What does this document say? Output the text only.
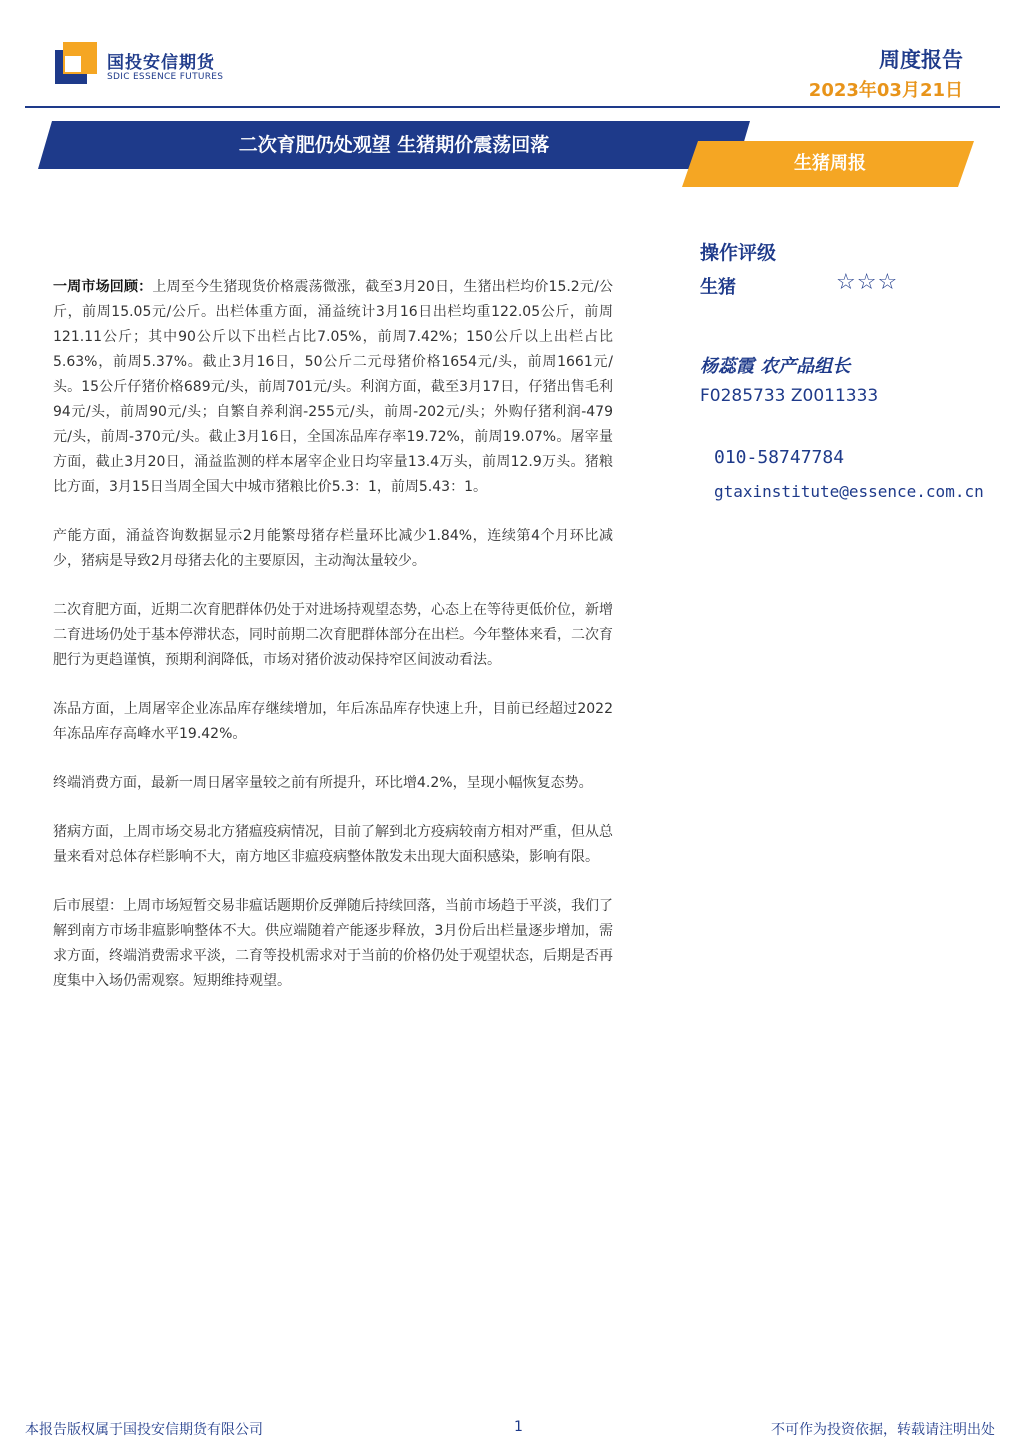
国投安信期货
SDIC ESSENCE FUTURES
周度报告
2023年03月21日
二次育肥仍处观望 生猪期价震荡回落
生猪周报
操作评级
生猪	☆☆☆
杨蕊霞 农产品组长
F0285733 Z0011333
010-58747784
gtaxinstitute@essence.com.cn

一周市场回顾：上周至今生猪现货价格震荡微涨，截至3月20日，生猪出栏均价15.2元/公斤，前周15.05元/公斤。出栏体重方面，涌益统计3月16日出栏均重122.05公斤，前周121.11公斤；其中90公斤以下出栏占比7.05%，前周7.42%；150公斤以上出栏占比5.63%，前周5.37%。截止3月16日，50公斤二元母猪价格1654元/头，前周1661元/头。15公斤仔猪价格689元/头，前周701元/头。利润方面，截至3月17日，仔猪出售毛利94元/头，前周90元/头；自繁自养利润-255元/头，前周-202元/头；外购仔猪利润-479元/头，前周-370元/头。截止3月16日，全国冻品库存率19.72%，前周19.07%。屠宰量方面，截止3月20日，涌益监测的样本屠宰企业日均宰量13.4万头，前周12.9万头。猪粮比方面，3月15日当周全国大中城市猪粮比价5.3：1，前周5.43：1。

产能方面，涌益咨询数据显示2月能繁母猪存栏量环比减少1.84%，连续第4个月环比减少，猪病是导致2月母猪去化的主要原因，主动淘汰量较少。

二次育肥方面，近期二次育肥群体仍处于对进场持观望态势，心态上在等待更低价位，新增二育进场仍处于基本停滞状态，同时前期二次育肥群体部分在出栏。今年整体来看，二次育肥行为更趋谨慎，预期利润降低，市场对猪价波动保持窄区间波动看法。

冻品方面，上周屠宰企业冻品库存继续增加，年后冻品库存快速上升，目前已经超过2022年冻品库存高峰水平19.42%。

终端消费方面，最新一周日屠宰量较之前有所提升，环比增4.2%，呈现小幅恢复态势。

猪病方面，上周市场交易北方猪瘟疫病情况，目前了解到北方疫病较南方相对严重，但从总量来看对总体存栏影响不大，南方地区非瘟疫病整体散发未出现大面积感染，影响有限。

后市展望：上周市场短暂交易非瘟话题期价反弹随后持续回落，当前市场趋于平淡，我们了解到南方市场非瘟影响整体不大。供应端随着产能逐步释放，3月份后出栏量逐步增加，需求方面，终端消费需求平淡，二育等投机需求对于当前的价格仍处于观望状态，后期是否再度集中入场仍需观察。短期维持观望。

本报告版权属于国投安信期货有限公司	1	不可作为投资依据，转载请注明出处
